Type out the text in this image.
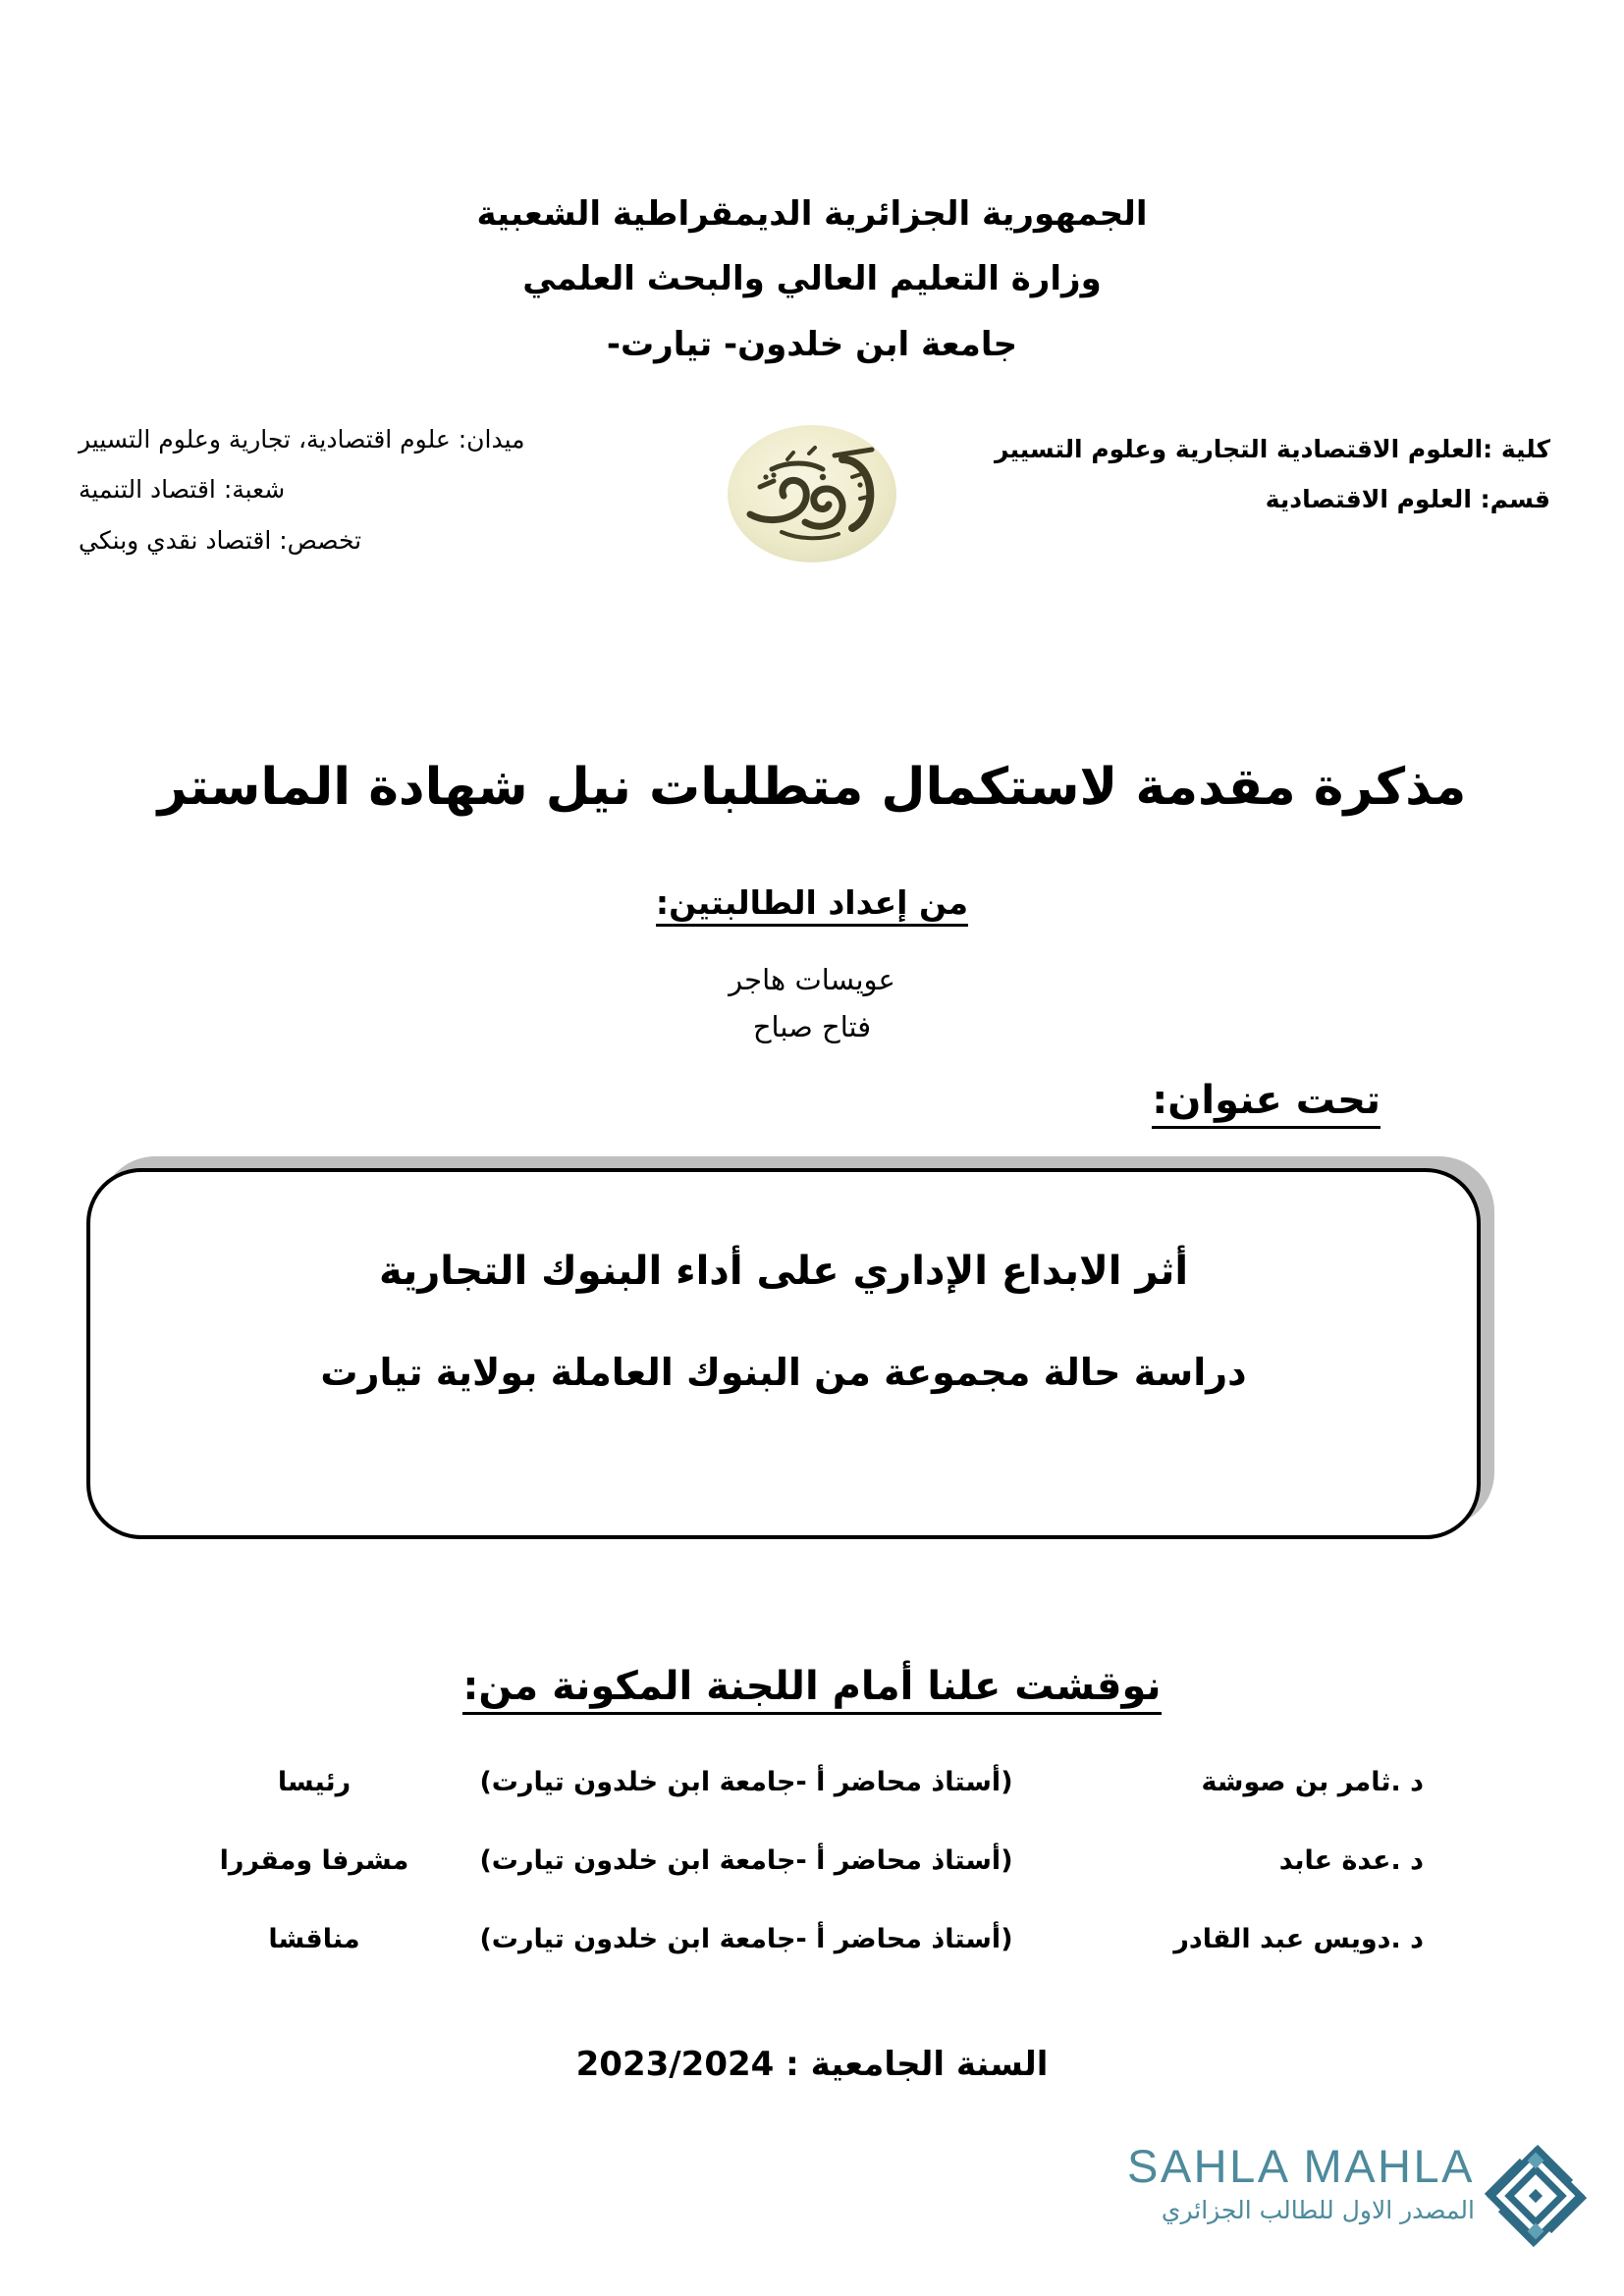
الجمهورية الجزائرية الديمقراطية الشعبية
وزارة التعليم العالي والبحث العلمي
جامعة ابن خلدون- تيارت-
كلية :العلوم الاقتصادية التجارية وعلوم التسيير
قسم: العلوم الاقتصادية
ميدان: علوم اقتصادية، تجارية وعلوم التسيير
شعبة: اقتصاد التنمية
تخصص: اقتصاد نقدي وبنكي
مذكرة مقدمة لاستكمال متطلبات نيل شهادة الماستر
من إعداد الطالبتين:
عويسات هاجر
فتاح صباح
تحت عنوان:
أثر الابداع الإداري على أداء البنوك التجارية
دراسة حالة مجموعة من البنوك العاملة بولاية تيارت
نوقشت علنا أمام اللجنة المكونة من:
د .ثامر بن صوشة
(أستاذ محاضر أ -جامعة ابن خلدون تيارت)
رئيسا
د .عدة عابد
(أستاذ محاضر أ -جامعة ابن خلدون تيارت)
مشرفا ومقررا
د .دويس عبد القادر
(أستاذ محاضر أ -جامعة ابن خلدون تيارت)
مناقشا
السنة الجامعية : 2023/2024
SAHLA MAHLA
المصدر الاول للطالب الجزائري
